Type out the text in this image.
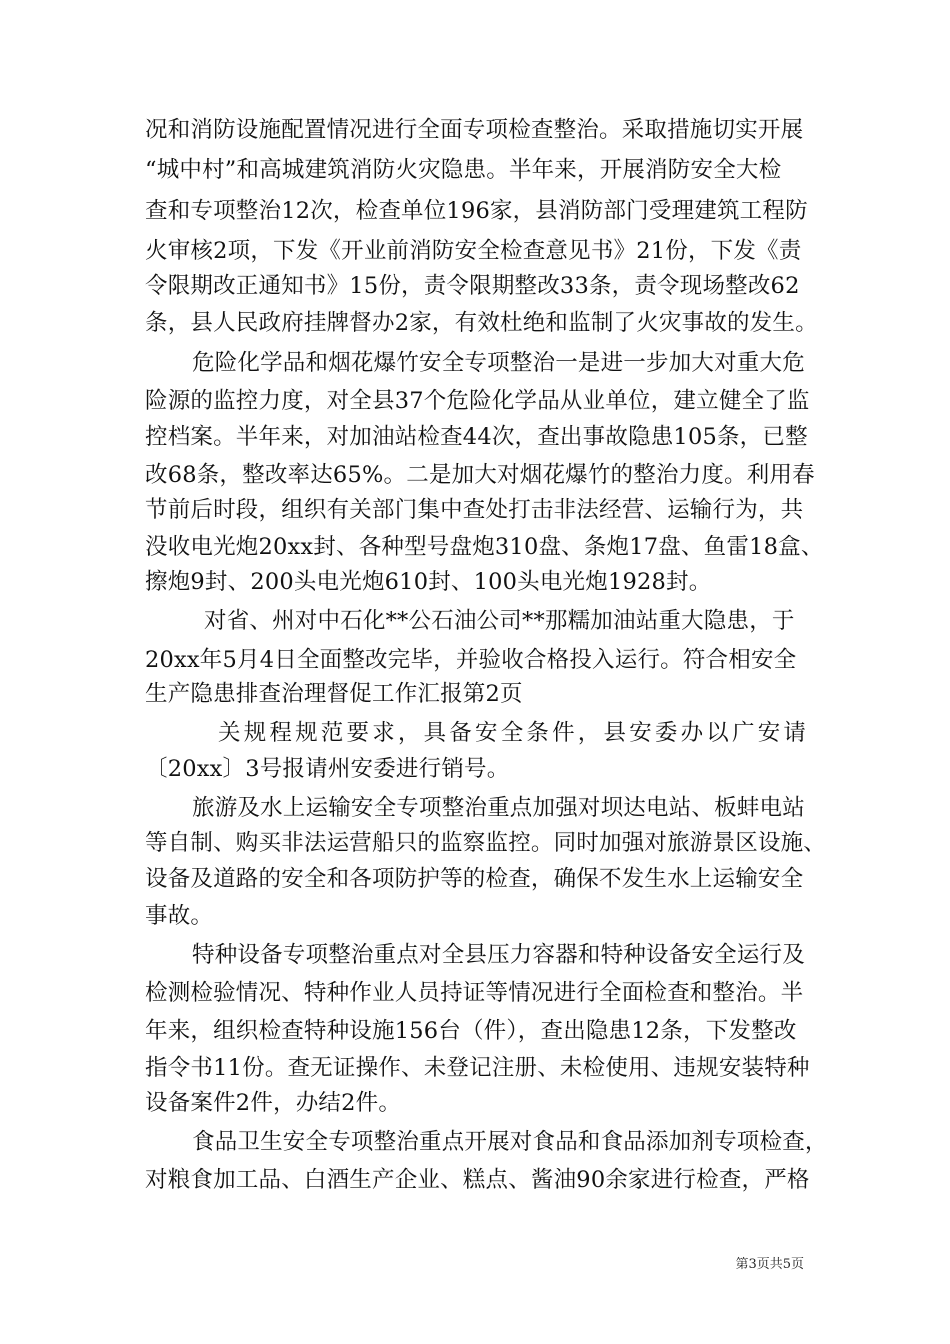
况和消防设施配置情况进行全面专项检查整治。采取措施切实开展
“城中村”和高城建筑消防火灾隐患。半年来，开展消防安全大检
查和专项整治12次，检查单位196家，县消防部门受理建筑工程防
火审核2项，下发《开业前消防安全检查意见书》21份，下发《责
令限期改正通知书》15份，责令限期整改33条，责令现场整改62
条，县人民政府挂牌督办2家，有效杜绝和监制了火灾事故的发生。
危险化学品和烟花爆竹安全专项整治一是进一步加大对重大危
险源的监控力度，对全县37个危险化学品从业单位，建立健全了监
控档案。半年来，对加油站检查44次，查出事故隐患105条，已整
改68条，整改率达65%。二是加大对烟花爆竹的整治力度。利用春
节前后时段，组织有关部门集中查处打击非法经营、运输行为，共
没收电光炮20xx封、各种型号盘炮310盘、条炮17盘、鱼雷18盒、
擦炮9封、200头电光炮610封、100头电光炮1928封。
对省、州对中石化**公石油公司**那糯加油站重大隐患，于
20xx年5月4日全面整改完毕，并验收合格投入运行。符合相安全
生产隐患排查治理督促工作汇报第2页
关规程规范要求，具备安全条件，县安委办以广安请
〔20xx〕3号报请州安委进行销号。
旅游及水上运输安全专项整治重点加强对坝达电站、板蚌电站
等自制、购买非法运营船只的监察监控。同时加强对旅游景区设施、
设备及道路的安全和各项防护等的检查，确保不发生水上运输安全
事故。
特种设备专项整治重点对全县压力容器和特种设备安全运行及
检测检验情况、特种作业人员持证等情况进行全面检查和整治。半
年来，组织检查特种设施156台（件），查出隐患12条，下发整改
指令书11份。查无证操作、未登记注册、未检使用、违规安装特种
设备案件2件，办结2件。
食品卫生安全专项整治重点开展对食品和食品添加剂专项检查，
对粮食加工品、白酒生产企业、糕点、酱油90余家进行检查，严格
第3页共5页
